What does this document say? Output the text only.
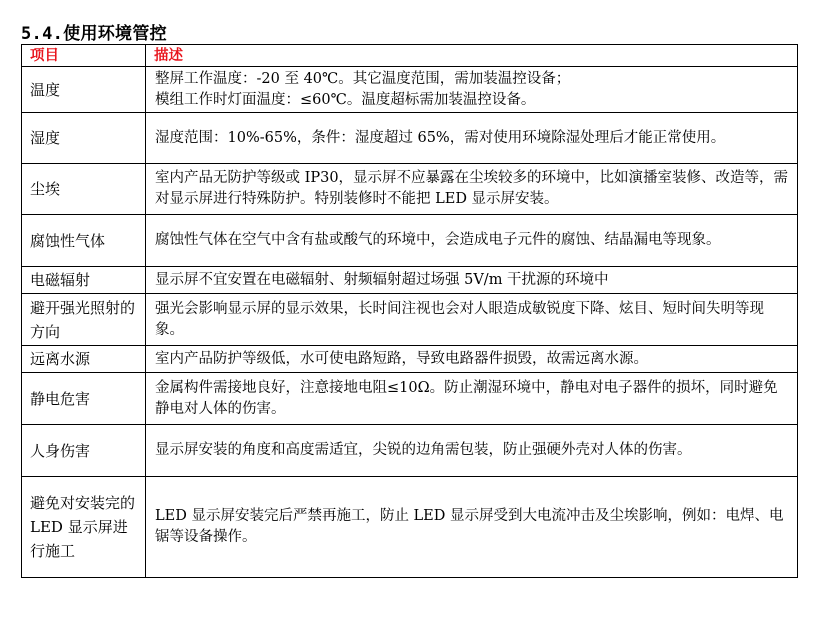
5.4.使用环境管控
项目	描述
温度	整屏工作温度：-20 至 40℃。其它温度范围，需加装温控设备；
模组工作时灯面温度：≤60℃。温度超标需加装温控设备。

湿度	湿度范围：10%-65%，条件：湿度超过 65%，需对使用环境除湿处理后才能正常使用。

尘埃	室内产品无防护等级或 IP30，显示屏不应暴露在尘埃较多的环境中，比如演播室装修、改造等，需对显示屏进行特殊防护。特别装修时不能把 LED 显示屏安装。

腐蚀性气体	腐蚀性气体在空气中含有盐或酸气的环境中，会造成电子元件的腐蚀、结晶漏电等现象。

电磁辐射	显示屏不宜安置在电磁辐射、射频辐射超过场强 5V/m 干扰源的环境中

避开强光照射的方向	强光会影响显示屏的显示效果，长时间注视也会对人眼造成敏锐度下降、炫目、短时间失明等现象。

远离水源	室内产品防护等级低，水可使电路短路，导致电路器件损毁，故需远离水源。

静电危害	金属构件需接地良好，注意接地电阻≤10Ω。防止潮湿环境中，静电对电子器件的损坏，同时避免静电对人体的伤害。

人身伤害	显示屏安装的角度和高度需适宜，尖锐的边角需包装，防止强硬外壳对人体的伤害。

避免对安装完的 LED 显示屏进行施工	LED 显示屏安装完后严禁再施工，防止 LED 显示屏受到大电流冲击及尘埃影响，例如：电焊、电锯等设备操作。
